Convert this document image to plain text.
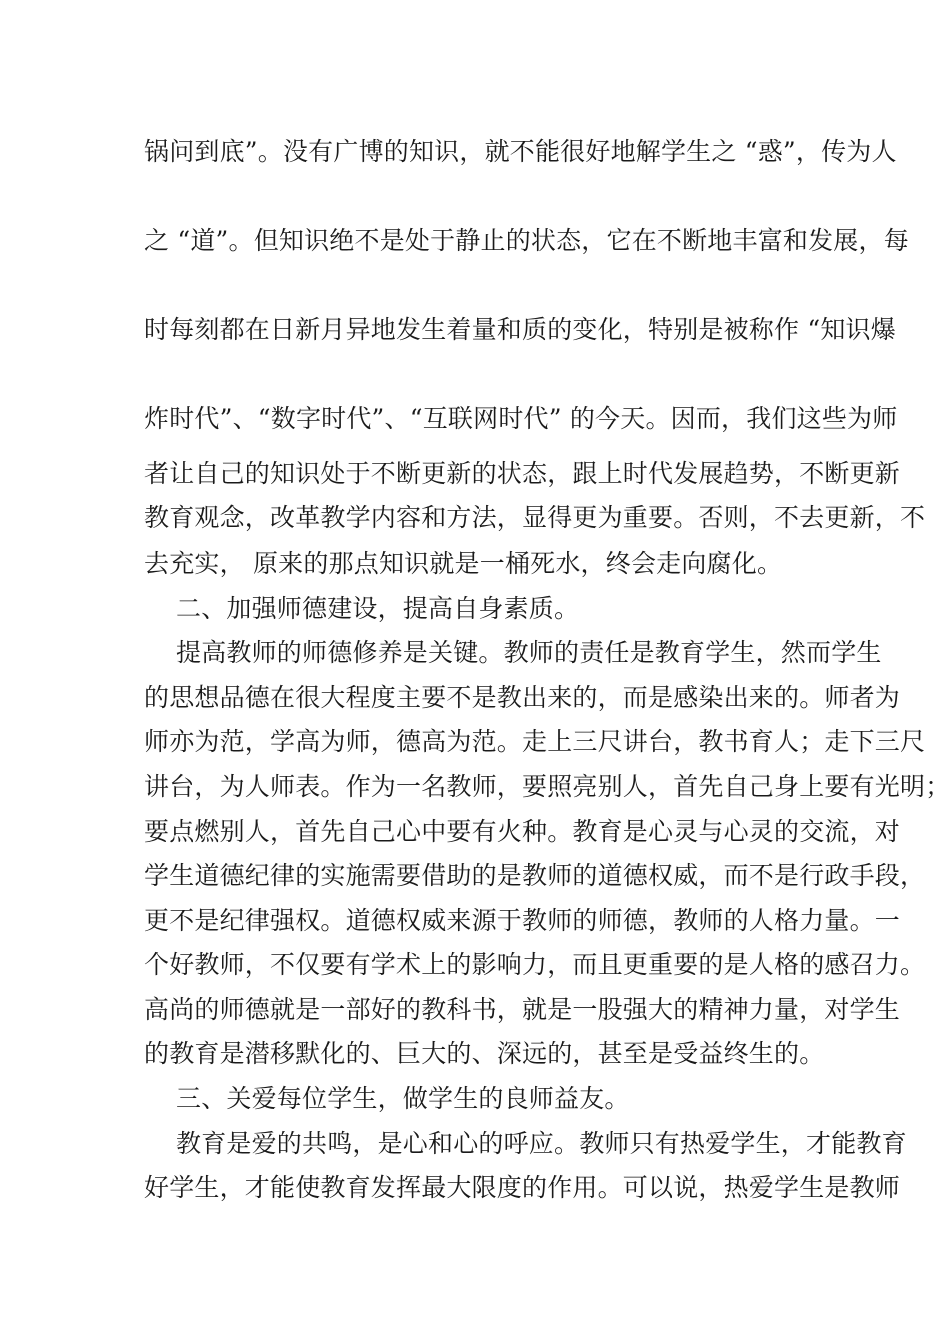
锅问到底”。没有广博的知识，就不能很好地解学生之 “惑”，传为人
之 “道”。但知识绝不是处于静止的状态，它在不断地丰富和发展，每
时每刻都在日新月异地发生着量和质的变化，特别是被称作 “知识爆
炸时代”、“数字时代”、“互联网时代” 的今天。因而，我们这些为师
者让自己的知识处于不断更新的状态，跟上时代发展趋势，不断更新
教育观念，改革教学内容和方法，显得更为重要。否则，不去更新，不
去充实， 原来的那点知识就是一桶死水，终会走向腐化。
二、加强师德建设，提高自身素质。
提高教师的师德修养是关键。教师的责任是教育学生，然而学生
的思想品德在很大程度主要不是教出来的，而是感染出来的。师者为
师亦为范，学高为师，德高为范。走上三尺讲台，教书育人；走下三尺
讲台，为人师表。作为一名教师，要照亮别人，首先自己身上要有光明；
要点燃别人，首先自己心中要有火种。教育是心灵与心灵的交流，对
学生道德纪律的实施需要借助的是教师的道德权威，而不是行政手段，
更不是纪律强权。道德权威来源于教师的师德，教师的人格力量。一
个好教师，不仅要有学术上的影响力，而且更重要的是人格的感召力。
高尚的师德就是一部好的教科书，就是一股强大的精神力量，对学生
的教育是潜移默化的、巨大的、深远的，甚至是受益终生的。
三、关爱每位学生，做学生的良师益友。
教育是爱的共鸣，是心和心的呼应。教师只有热爱学生，才能教育
好学生，才能使教育发挥最大限度的作用。可以说，热爱学生是教师
